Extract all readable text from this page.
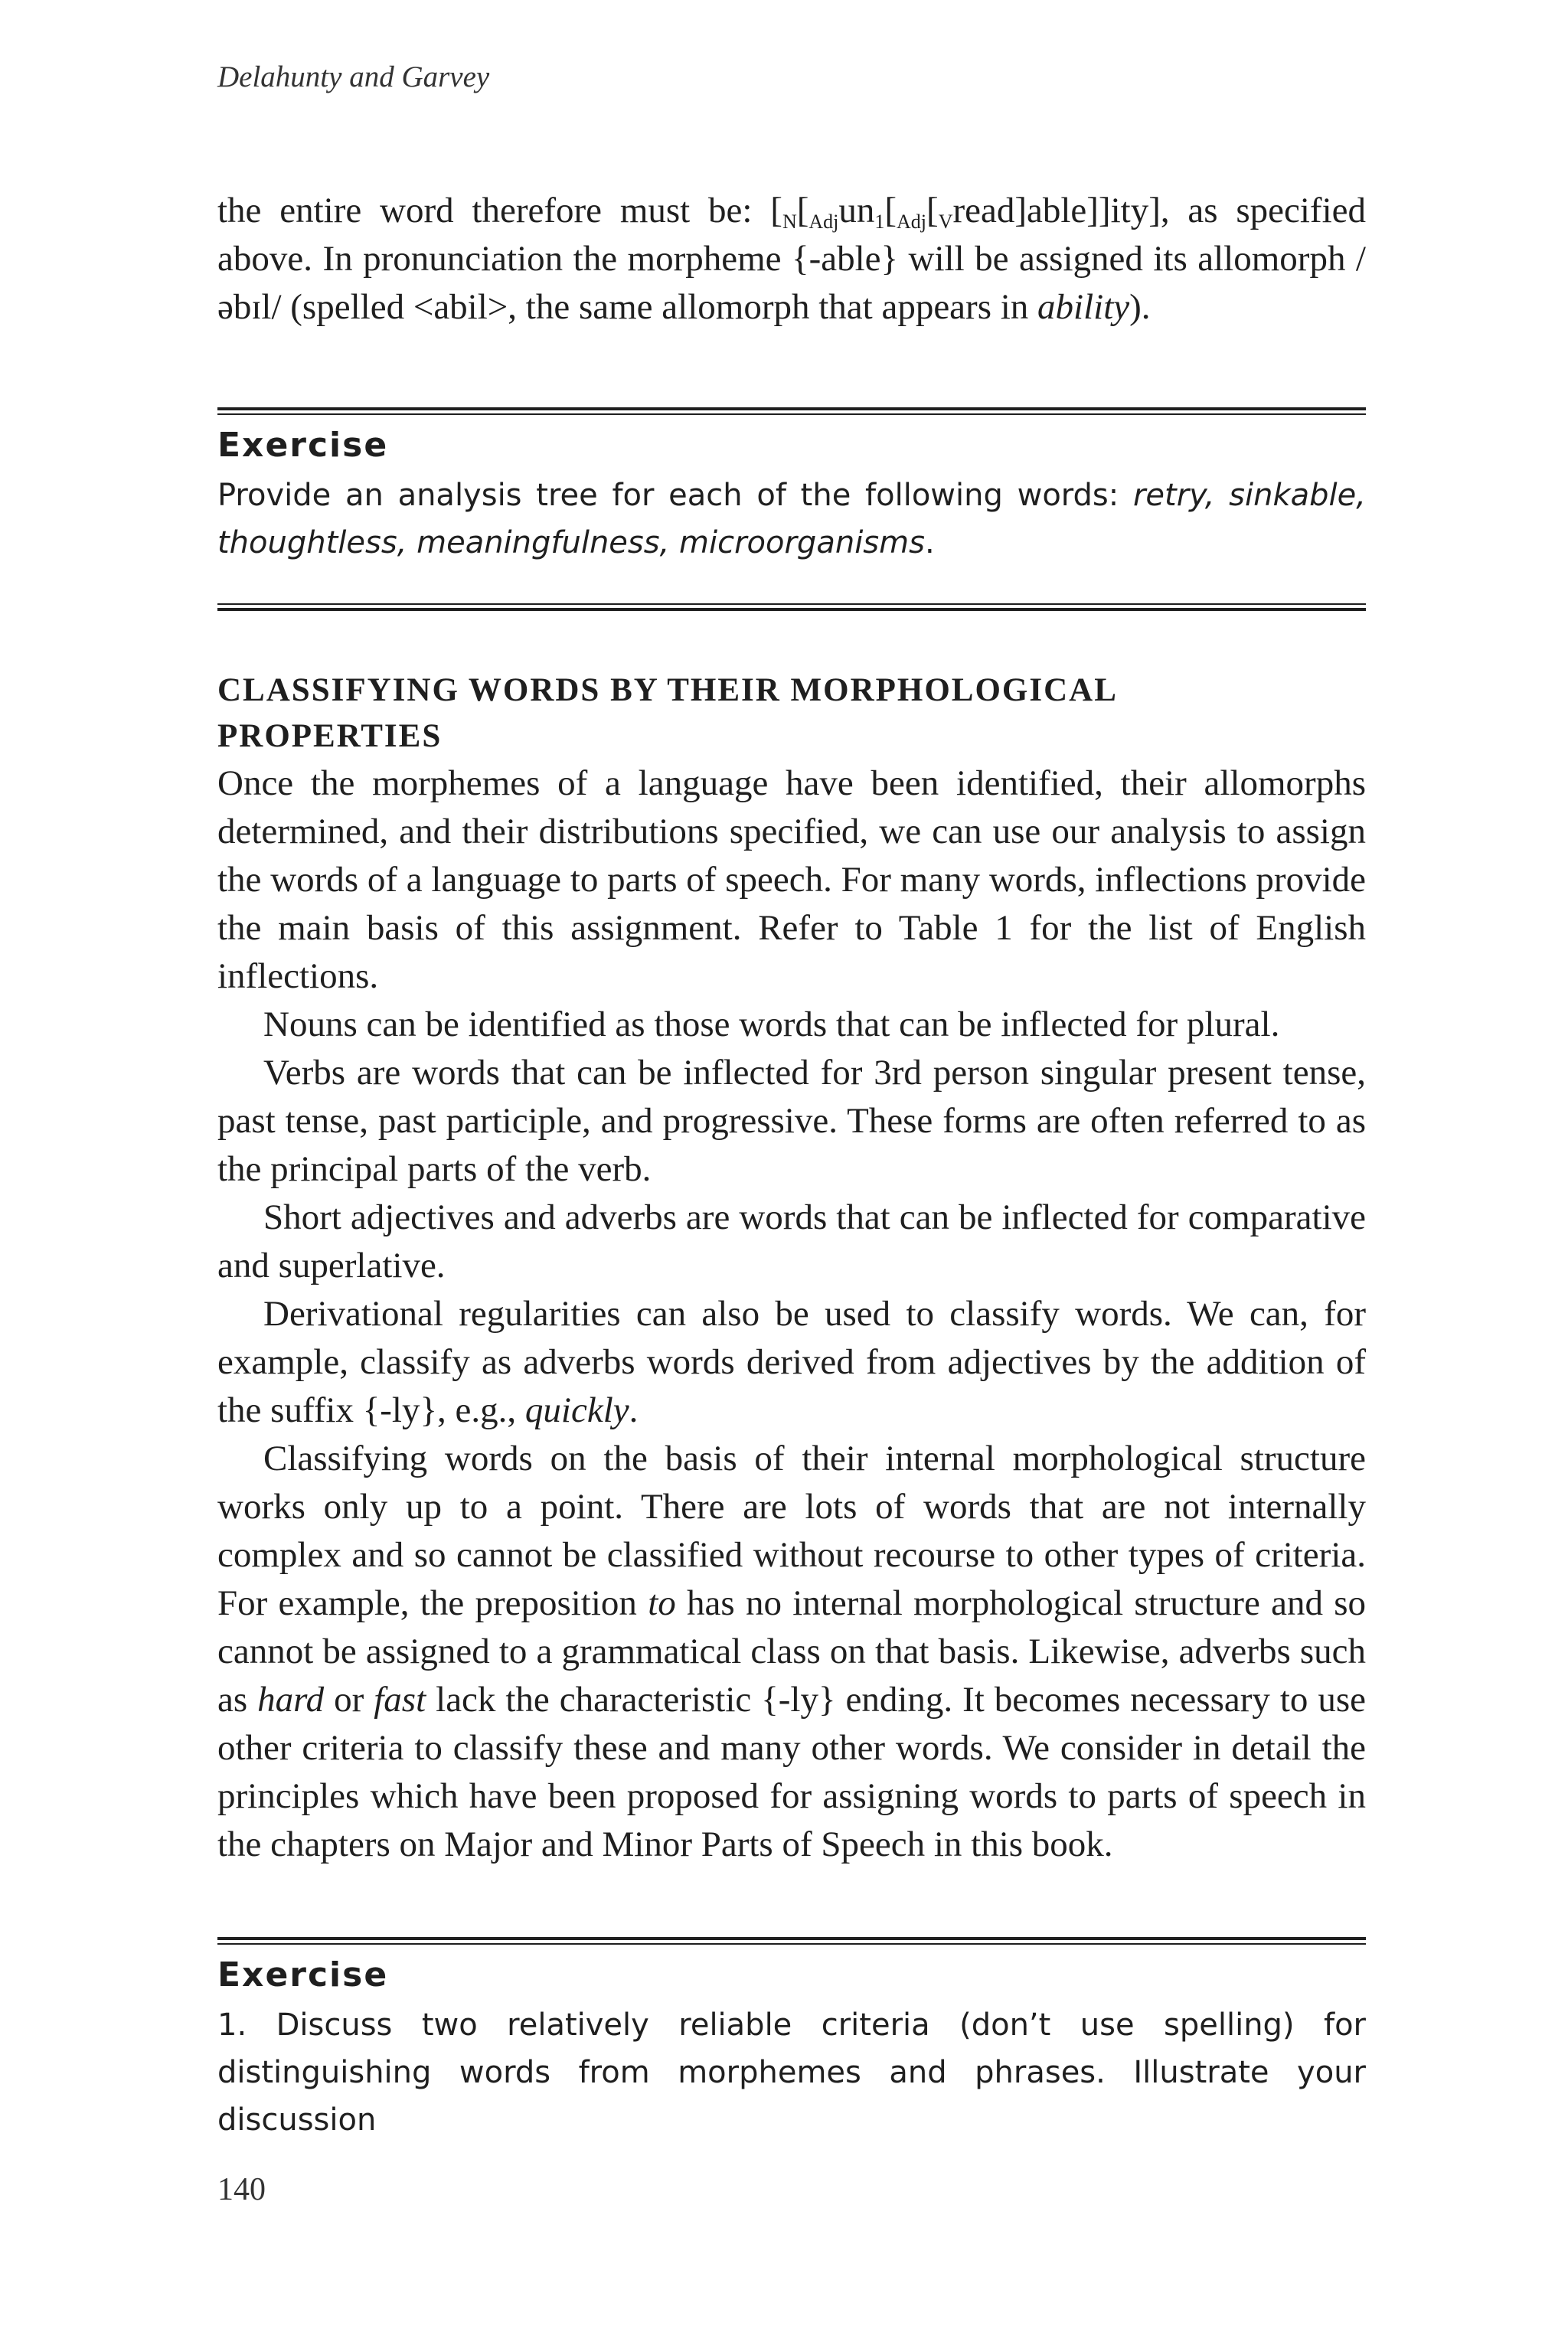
Delahunty and Garvey

the entire word therefore must be: $[_N[_{Adj}un_1[_{Adj}[_Vread]able]]ity]$, as specified above. In pronunciation the morpheme {-able} will be assigned its allomorph /əbɪl/ (spelled <abil>, the same allomorph that appears in ability).

Exercise

Provide an analysis tree for each of the following words: retry, sinkable, thoughtless, meaningfulness, microorganisms.

CLASSIFYING WORDS BY THEIR MORPHOLOGICAL PROPERTIES

Once the morphemes of a language have been identified, their allomorphs determined, and their distributions specified, we can use our analysis to assign the words of a language to parts of speech. For many words, inflections provide the main basis of this assignment. Refer to Table 1 for the list of English inflections.

Nouns can be identified as those words that can be inflected for plural.

Verbs are words that can be inflected for 3rd person singular present tense, past tense, past participle, and progressive. These forms are often referred to as the principal parts of the verb.

Short adjectives and adverbs are words that can be inflected for comparative and superlative.

Derivational regularities can also be used to classify words. We can, for example, classify as adverbs words derived from adjectives by the addition of the suffix {-ly}, e.g., quickly.

Classifying words on the basis of their internal morphological structure works only up to a point. There are lots of words that are not internally complex and so cannot be classified without recourse to other types of criteria. For example, the preposition to has no internal morphological structure and so cannot be assigned to a grammatical class on that basis. Likewise, adverbs such as hard or fast lack the characteristic {-ly} ending. It becomes necessary to use other criteria to classify these and many other words. We consider in detail the principles which have been proposed for assigning words to parts of speech in the chapters on Major and Minor Parts of Speech in this book.

Exercise

1. Discuss two relatively reliable criteria (don’t use spelling) for distinguishing words from morphemes and phrases. Illustrate your discussion

140
